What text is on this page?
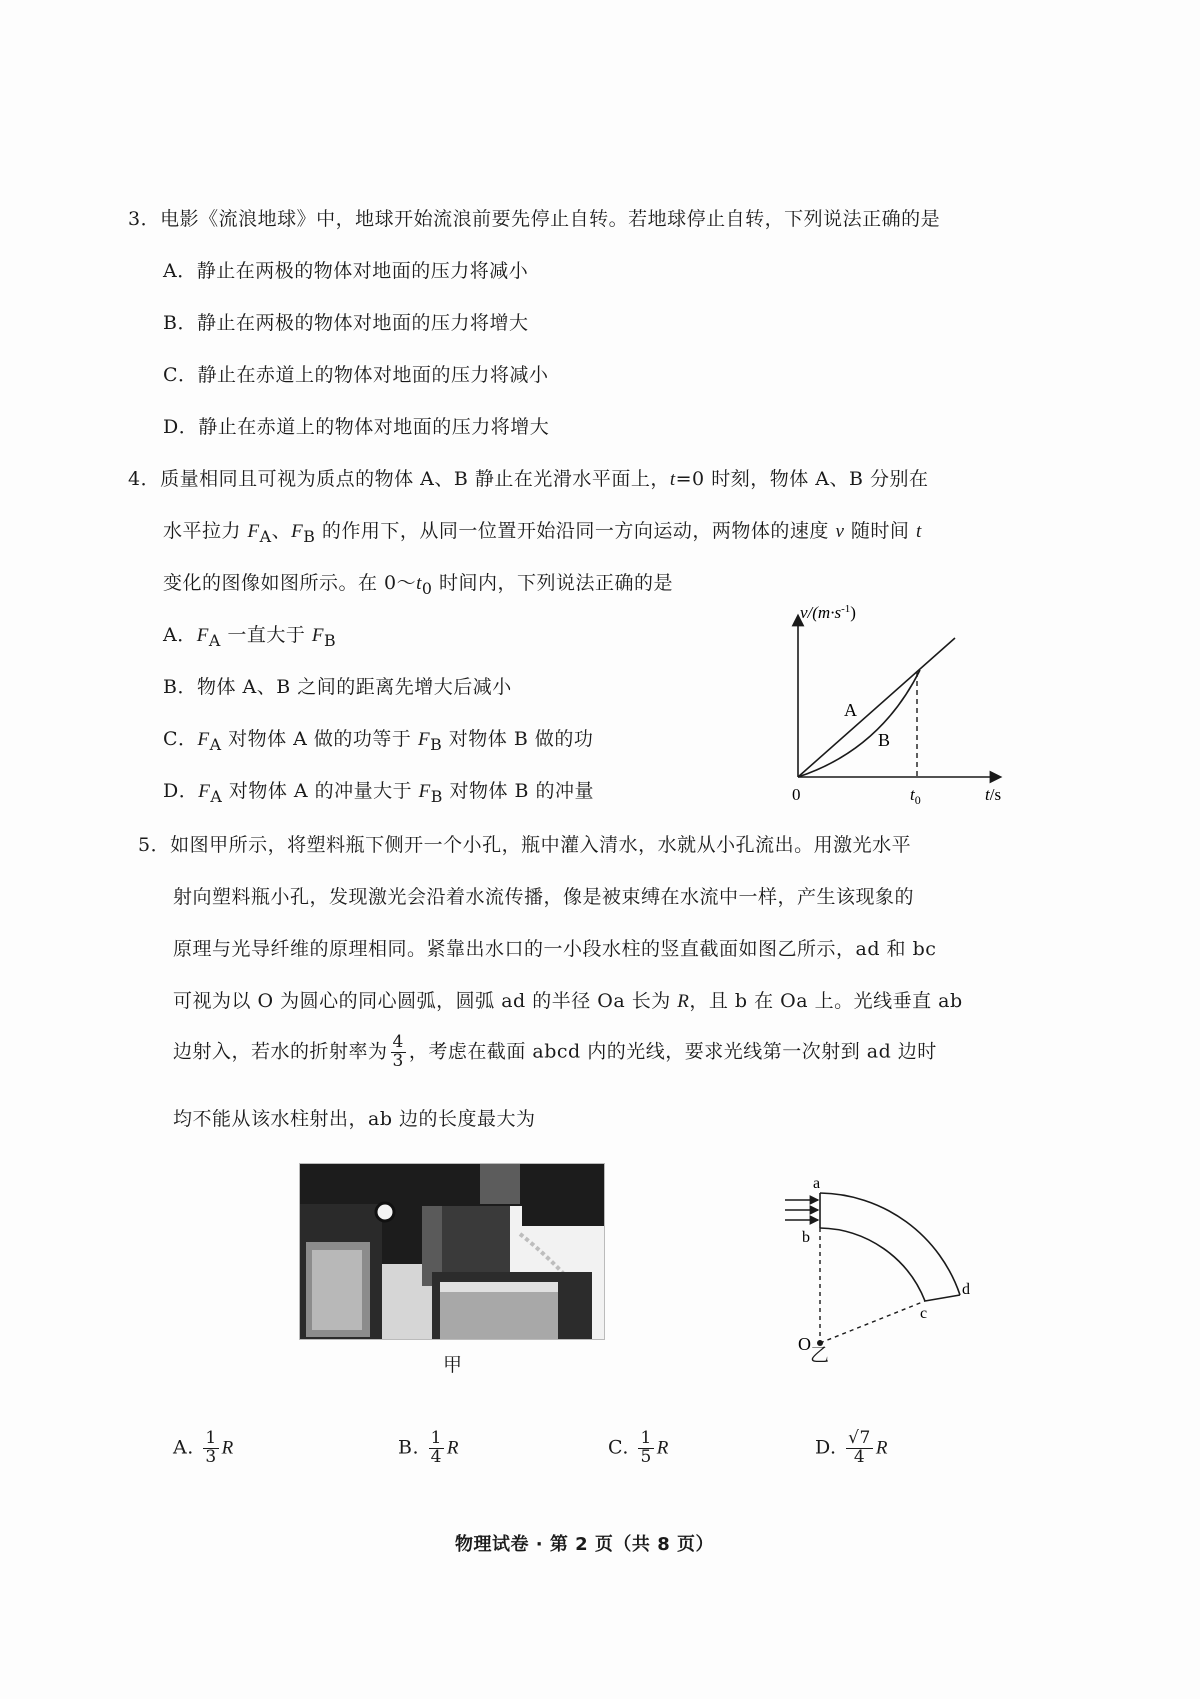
3．电影《流浪地球》中，地球开始流浪前要先停止自转。若地球停止自转，下列说法正确的是
A．静止在两极的物体对地面的压力将减小
B．静止在两极的物体对地面的压力将增大
C．静止在赤道上的物体对地面的压力将减小
D．静止在赤道上的物体对地面的压力将增大
4．质量相同且可视为质点的物体 A、B 静止在光滑水平面上，t=0 时刻，物体 A、B 分别在
水平拉力 $F_A$、$F_B$ 的作用下，从同一位置开始沿同一方向运动，两物体的速度 v 随时间 t
变化的图像如图所示。在 $0\sim t_0$ 时间内，下列说法正确的是
A．$F_A$ 一直大于 $F_B$
B．物体 A、B 之间的距离先增大后减小
C．$F_A$ 对物体 A 做的功等于 $F_B$ 对物体 B 做的功
D．$F_A$ 对物体 A 的冲量大于 $F_B$ 对物体 B 的冲量
$v/(m\cdot s^{-1})$
0	$t_0$	t/s
A
B
5．如图甲所示，将塑料瓶下侧开一个小孔，瓶中灌入清水，水就从小孔流出。用激光水平
射向塑料瓶小孔，发现激光会沿着水流传播，像是被束缚在水流中一样，产生该现象的
原理与光导纤维的原理相同。紧靠出水口的一小段水柱的竖直截面如图乙所示，ad 和 bc
可视为以 O 为圆心的同心圆弧，圆弧 ad 的半径 Oa 长为 R，且 b 在 Oa 上。光线垂直 ab
边射入，若水的折射率为 $\frac{4}{3}$ ，考虑在截面 abcd 内的光线，要求光线第一次射到 ad 边时
均不能从该水柱射出，ab 边的长度最大为
甲
a
b
c
d
O 乙
A. $\frac{1}{3}$ R	B. $\frac{1}{4}$ R	C. $\frac{1}{5}$ R	D. $\frac{√7}{4}$ R
物理试卷 · 第 2 页（共 8 页）
